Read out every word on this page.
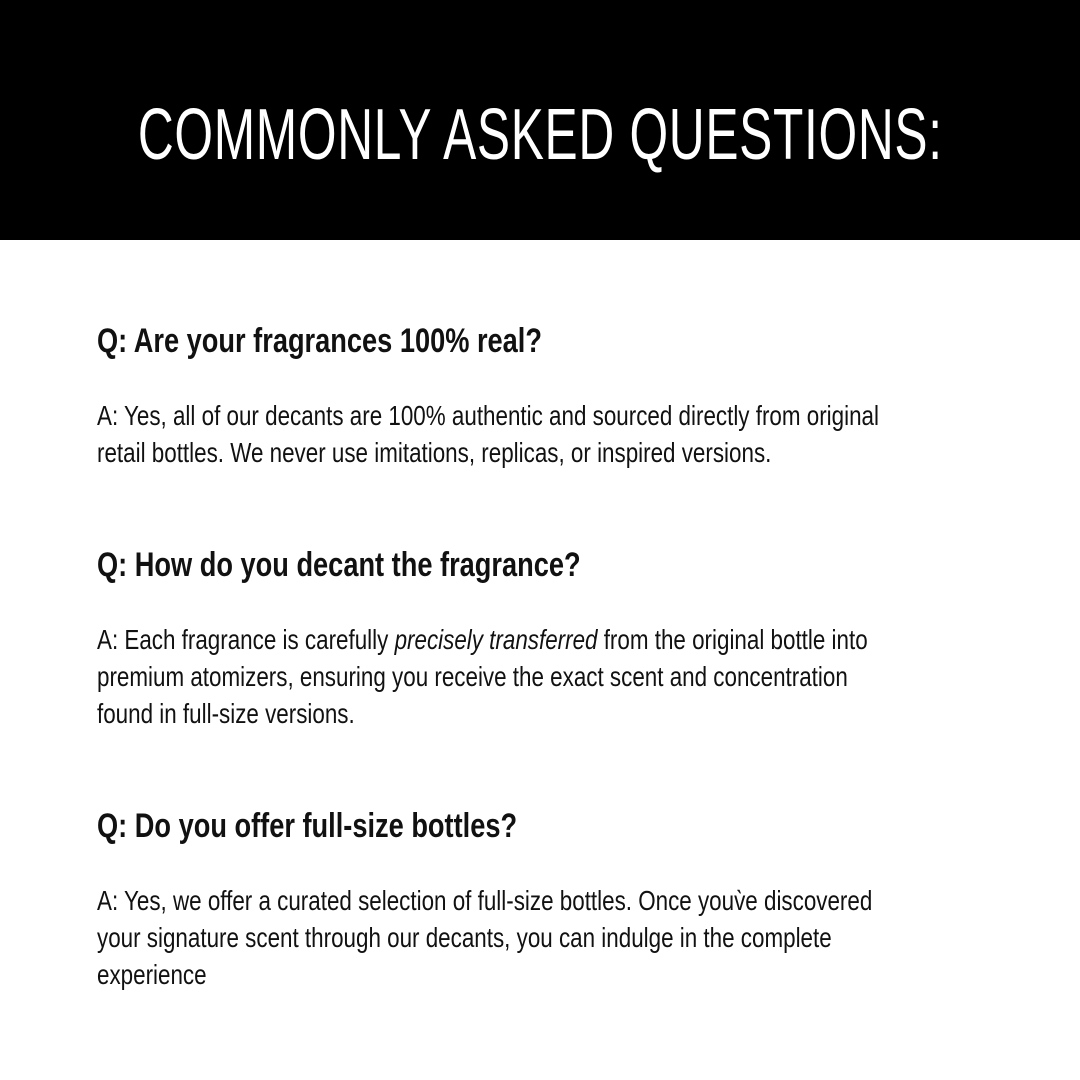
COMMONLY ASKED QUESTIONS:
Q: Are your fragrances 100% real?
A: Yes, all of our decants are 100% authentic and sourced directly from original
retail bottles. We never use imitations, replicas, or inspired versions.
Q: How do you decant the fragrance?
A: Each fragrance is carefully precisely transferred from the original bottle into
premium atomizers, ensuring you receive the exact scent and concentration
found in full-size versions.
Q: Do you offer full-size bottles?
A: Yes, we offer a curated selection of full-size bottles. Once youv̀e discovered
your signature scent through our decants, you can indulge in the complete
experience
